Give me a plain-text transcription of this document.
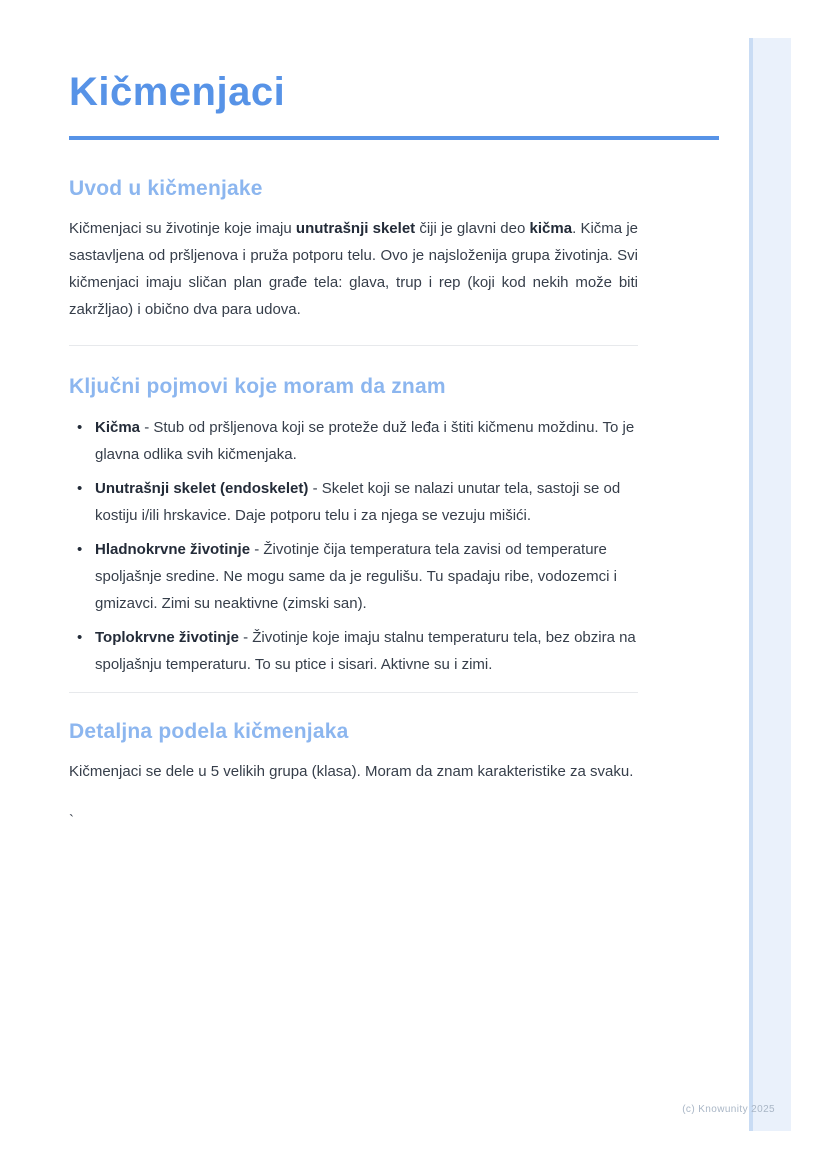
Kičmenjaci
Uvod u kičmenjake

Kičmenjaci su životinje koje imaju unutrašnji skelet čiji je glavni deo kičma. Kičma je sastavljena od pršljenova i pruža potporu telu. Ovo je najsloženija grupa životinja. Svi kičmenjaci imaju sličan plan građe tela: glava, trup i rep (koji kod nekih može biti zakržljao) i obično dva para udova.

Ključni pojmovi koje moram da znam
• Kičma - Stub od pršljenova koji se proteže duž leđa i štiti kičmenu moždinu. To je glavna odlika svih kičmenjaka.

• Unutrašnji skelet (endoskelet) - Skelet koji se nalazi unutar tela, sastoji se od kostiju i/ili hrskavice. Daje potporu telu i za njega se vezuju mišići.

• Hladnokrvne životinje - Životinje čija temperatura tela zavisi od temperature spoljašnje sredine. Ne mogu same da je regulišu. Tu spadaju ribe, vodozemci i gmizavci. Zimi su neaktivne (zimski san).

• Toplokrvne životinje - Životinje koje imaju stalnu temperaturu tela, bez obzira na spoljašnju temperaturu. To su ptice i sisari. Aktivne su i zimi.

Detaljna podela kičmenjaka

Kičmenjaci se dele u 5 velikih grupa (klasa). Moram da znam karakteristike za svaku.

`

(c) Knowunity 2025
